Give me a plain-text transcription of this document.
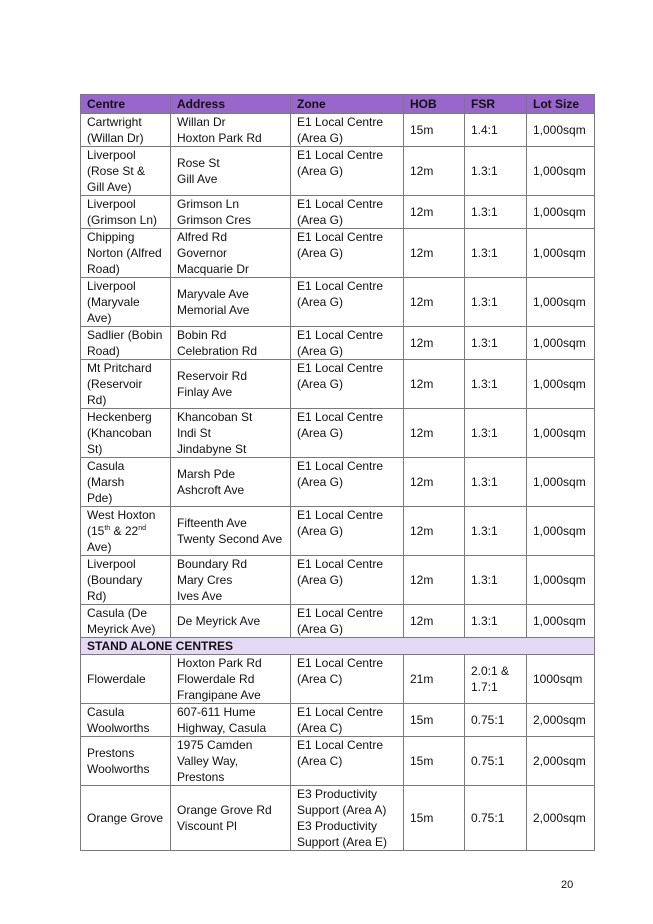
Centre	Address	Zone	HOB	FSR	Lot Size

Cartwright
(Willan Dr)	Willan Dr
Hoxton Park Rd	E1 Local Centre
(Area G)	15m	1.4:1	1,000sqm

Liverpool
(Rose St &
Gill Ave)	Rose St
Gill Ave	E1 Local Centre
(Area G)	12m	1.3:1	1,000sqm

Liverpool
(Grimson Ln)	Grimson Ln
Grimson Cres	E1 Local Centre
(Area G)	12m	1.3:1	1,000sqm

Chipping
Norton (Alfred
Road)	Alfred Rd
Governor
Macquarie Dr	E1 Local Centre
(Area G)	12m	1.3:1	1,000sqm

Liverpool
(Maryvale
Ave)	Maryvale Ave
Memorial Ave	E1 Local Centre
(Area G)	12m	1.3:1	1,000sqm

Sadlier (Bobin
Road)	Bobin Rd
Celebration Rd	E1 Local Centre
(Area G)	12m	1.3:1	1,000sqm

Mt Pritchard
(Reservoir Rd)	Reservoir Rd
Finlay Ave	E1 Local Centre
(Area G)	12m	1.3:1	1,000sqm

Heckenberg
(Khancoban
St)	Khancoban St
Indi St
Jindabyne St	E1 Local Centre
(Area G)	12m	1.3:1	1,000sqm

Casula (Marsh
Pde)	Marsh Pde
Ashcroft Ave	E1 Local Centre
(Area G)	12m	1.3:1	1,000sqm

West Hoxton
(15th & 22nd
Ave)	Fifteenth Ave
Twenty Second Ave	E1 Local Centre
(Area G)	12m	1.3:1	1,000sqm

Liverpool
(Boundary Rd)	Boundary Rd
Mary Cres
Ives Ave	E1 Local Centre
(Area G)	12m	1.3:1	1,000sqm

Casula (De
Meyrick Ave)	De Meyrick Ave	E1 Local Centre
(Area G)	12m	1.3:1	1,000sqm
STAND ALONE CENTRES					

Flowerdale	Hoxton Park Rd
Flowerdale Rd
Frangipane Ave	E1 Local Centre
(Area C)	21m	2.0:1 &
1.7:1	1000sqm

Casula
Woolworths	607-611 Hume
Highway, Casula	E1 Local Centre
(Area C)	15m	0.75:1	2,000sqm

Prestons
Woolworths	1975 Camden
Valley Way,
Prestons	E1 Local Centre
(Area C)	15m	0.75:1	2,000sqm

Orange Grove	Orange Grove Rd
Viscount Pl	E3 Productivity
Support (Area A)
E3 Productivity
Support (Area E)	15m	0.75:1	2,000sqm
20
